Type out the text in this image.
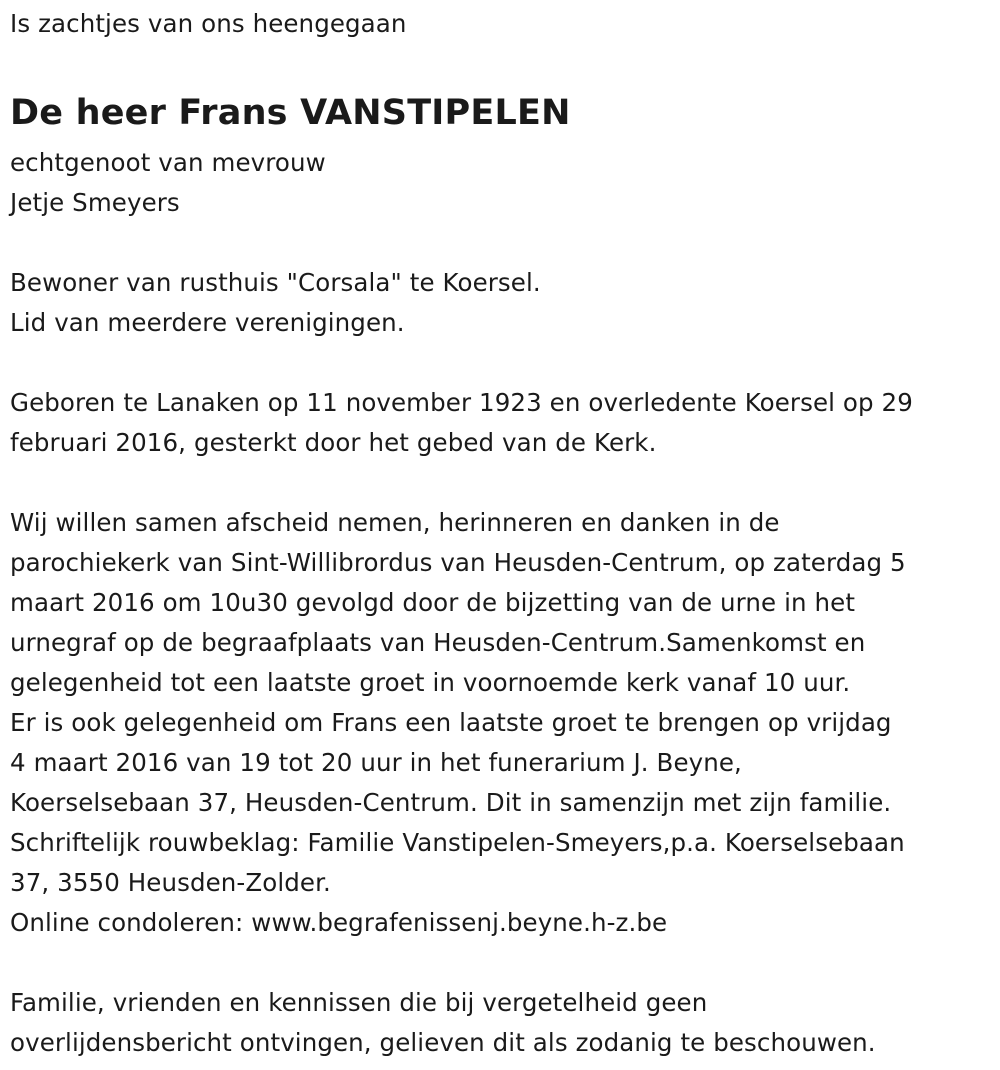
Is zachtjes van ons heengegaan
De heer Frans VANSTIPELEN
echtgenoot van mevrouw
Jetje Smeyers
Bewoner van rusthuis "Corsala" te Koersel.
Lid van meerdere verenigingen.
Geboren te Lanaken op 11 november 1923 en overledente Koersel op 29
februari 2016, gesterkt door het gebed van de Kerk.
Wij willen samen afscheid nemen, herinneren en danken in de
parochiekerk van Sint-Willibrordus van Heusden-Centrum, op zaterdag 5
maart 2016 om 10u30 gevolgd door de bijzetting van de urne in het
urnegraf op de begraafplaats van Heusden-Centrum.Samenkomst en
gelegenheid tot een laatste groet in voornoemde kerk vanaf 10 uur.
Er is ook gelegenheid om Frans een laatste groet te brengen op vrijdag
4 maart 2016 van 19 tot 20 uur in het funerarium J. Beyne,
Koerselsebaan 37, Heusden-Centrum. Dit in samenzijn met zijn familie.
Schriftelijk rouwbeklag: Familie Vanstipelen-Smeyers,p.a. Koerselsebaan
37, 3550 Heusden-Zolder.
Online condoleren: www.begrafenissenj.beyne.h-z.be
Familie, vrienden en kennissen die bij vergetelheid geen
overlijdensbericht ontvingen, gelieven dit als zodanig te beschouwen.
